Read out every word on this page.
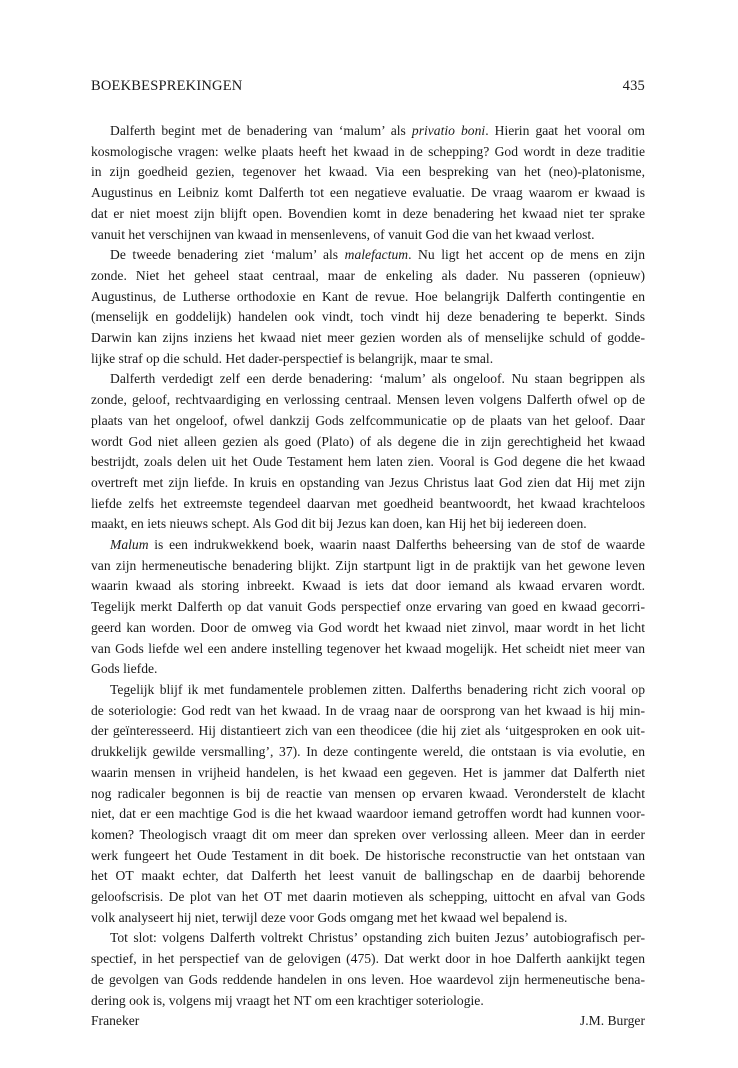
BOEKBESPREKINGEN	435
Dalferth begint met de benadering van ‘malum’ als privatio boni. Hierin gaat het vooral om
kosmologische vragen: welke plaats heeft het kwaad in de schepping? God wordt in deze traditie
in zijn goedheid gezien, tegenover het kwaad. Via een bespreking van het (neo)-platonisme,
Augustinus en Leibniz komt Dalferth tot een negatieve evaluatie. De vraag waarom er kwaad is
dat er niet moest zijn blijft open. Bovendien komt in deze benadering het kwaad niet ter sprake
vanuit het verschijnen van kwaad in mensenlevens, of vanuit God die van het kwaad verlost.
De tweede benadering ziet ‘malum’ als malefactum. Nu ligt het accent op de mens en zijn
zonde. Niet het geheel staat centraal, maar de enkeling als dader. Nu passeren (opnieuw)
Augustinus, de Lutherse orthodoxie en Kant de revue. Hoe belangrijk Dalferth contingentie en
(menselijk en goddelijk) handelen ook vindt, toch vindt hij deze benadering te beperkt. Sinds
Darwin kan zijns inziens het kwaad niet meer gezien worden als of menselijke schuld of godde-
lijke straf op die schuld. Het dader-perspectief is belangrijk, maar te smal.
Dalferth verdedigt zelf een derde benadering: ‘malum’ als ongeloof. Nu staan begrippen als
zonde, geloof, rechtvaardiging en verlossing centraal. Mensen leven volgens Dalferth ofwel op de
plaats van het ongeloof, ofwel dankzij Gods zelfcommunicatie op de plaats van het geloof. Daar
wordt God niet alleen gezien als goed (Plato) of als degene die in zijn gerechtigheid het kwaad
bestrijdt, zoals delen uit het Oude Testament hem laten zien. Vooral is God degene die het kwaad
overtreft met zijn liefde. In kruis en opstanding van Jezus Christus laat God zien dat Hij met zijn
liefde zelfs het extreemste tegendeel daarvan met goedheid beantwoordt, het kwaad krachteloos
maakt, en iets nieuws schept. Als God dit bij Jezus kan doen, kan Hij het bij iedereen doen.
Malum is een indrukwekkend boek, waarin naast Dalferths beheersing van de stof de waarde
van zijn hermeneutische benadering blijkt. Zijn startpunt ligt in de praktijk van het gewone leven
waarin kwaad als storing inbreekt. Kwaad is iets dat door iemand als kwaad ervaren wordt.
Tegelijk merkt Dalferth op dat vanuit Gods perspectief onze ervaring van goed en kwaad gecorri-
geerd kan worden. Door de omweg via God wordt het kwaad niet zinvol, maar wordt in het licht
van Gods liefde wel een andere instelling tegenover het kwaad mogelijk. Het scheidt niet meer van
Gods liefde.
Tegelijk blijf ik met fundamentele problemen zitten. Dalferths benadering richt zich vooral op
de soteriologie: God redt van het kwaad. In de vraag naar de oorsprong van het kwaad is hij min-
der geïnteresseerd. Hij distantieert zich van een theodicee (die hij ziet als ‘uitgesproken en ook uit-
drukkelijk gewilde versmalling’, 37). In deze contingente wereld, die ontstaan is via evolutie, en
waarin mensen in vrijheid handelen, is het kwaad een gegeven. Het is jammer dat Dalferth niet
nog radicaler begonnen is bij de reactie van mensen op ervaren kwaad. Veronderstelt de klacht
niet, dat er een machtige God is die het kwaad waardoor iemand getroffen wordt had kunnen voor-
komen? Theologisch vraagt dit om meer dan spreken over verlossing alleen. Meer dan in eerder
werk fungeert het Oude Testament in dit boek. De historische reconstructie van het ontstaan van
het OT maakt echter, dat Dalferth het leest vanuit de ballingschap en de daarbij behorende
geloofscrisis. De plot van het OT met daarin motieven als schepping, uittocht en afval van Gods
volk analyseert hij niet, terwijl deze voor Gods omgang met het kwaad wel bepalend is.
Tot slot: volgens Dalferth voltrekt Christus’ opstanding zich buiten Jezus’ autobiografisch per-
spectief, in het perspectief van de gelovigen (475). Dat werkt door in hoe Dalferth aankijkt tegen
de gevolgen van Gods reddende handelen in ons leven. Hoe waardevol zijn hermeneutische bena-
dering ook is, volgens mij vraagt het NT om een krachtiger soteriologie.
Franeker	J.M. Burger
